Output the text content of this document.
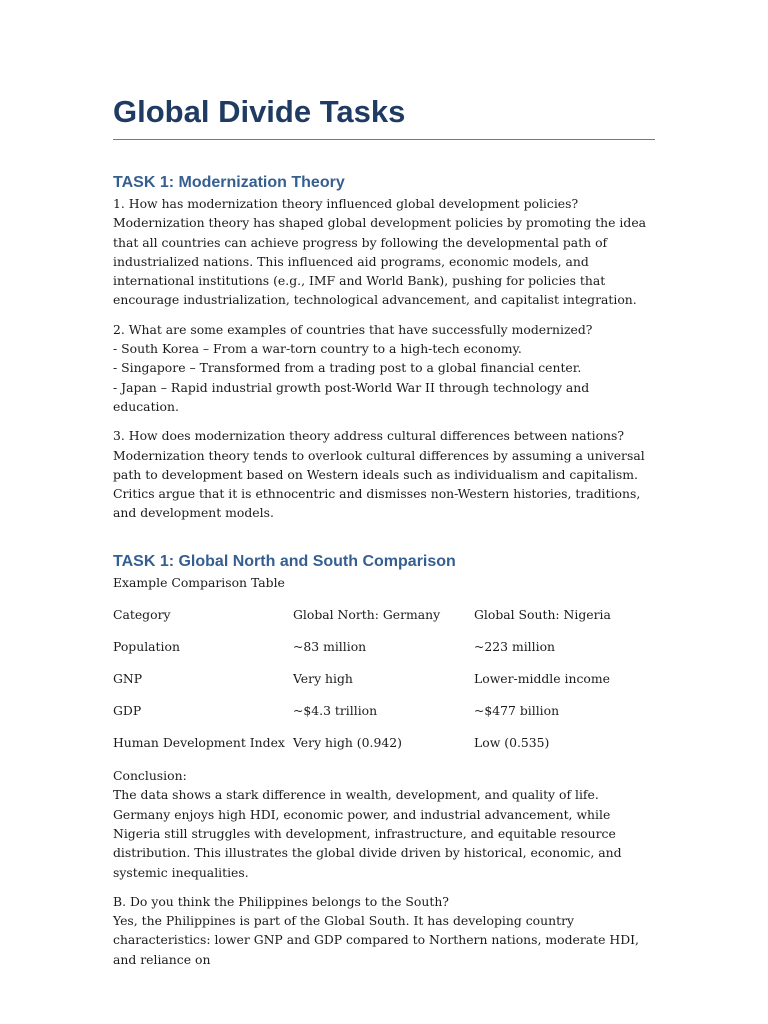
Global Divide Tasks
TASK 1: Modernization Theory

1. How has modernization theory influenced global development policies?

Modernization theory has shaped global development policies by promoting the idea that all countries can achieve progress by following the developmental path of industrialized nations. This influenced aid programs, economic models, and international institutions (e.g., IMF and World Bank), pushing for policies that encourage industrialization, technological advancement, and capitalist integration.

2. What are some examples of countries that have successfully modernized?

- South Korea – From a war-torn country to a high-tech economy.

- Singapore – Transformed from a trading post to a global financial center.

- Japan – Rapid industrial growth post-World War II through technology and education.

3. How does modernization theory address cultural differences between nations?

Modernization theory tends to overlook cultural differences by assuming a universal path to development based on Western ideals such as individualism and capitalism. Critics argue that it is ethnocentric and dismisses non-Western histories, traditions, and development models.

TASK 1: Global North and South Comparison

Example Comparison Table

Category	Global North: Germany	Global South: Nigeria
Population	~83 million	~223 million
GNP	Very high	Lower-middle income
GDP	~$4.3 trillion	~$477 billion
Human Development Index	Very high (0.942)	Low (0.535)

Conclusion:

The data shows a stark difference in wealth, development, and quality of life. Germany enjoys high HDI, economic power, and industrial advancement, while Nigeria still struggles with development, infrastructure, and equitable resource distribution. This illustrates the global divide driven by historical, economic, and systemic inequalities.

B. Do you think the Philippines belongs to the South?

Yes, the Philippines is part of the Global South. It has developing country characteristics: lower GNP and GDP compared to Northern nations, moderate HDI, and reliance on
